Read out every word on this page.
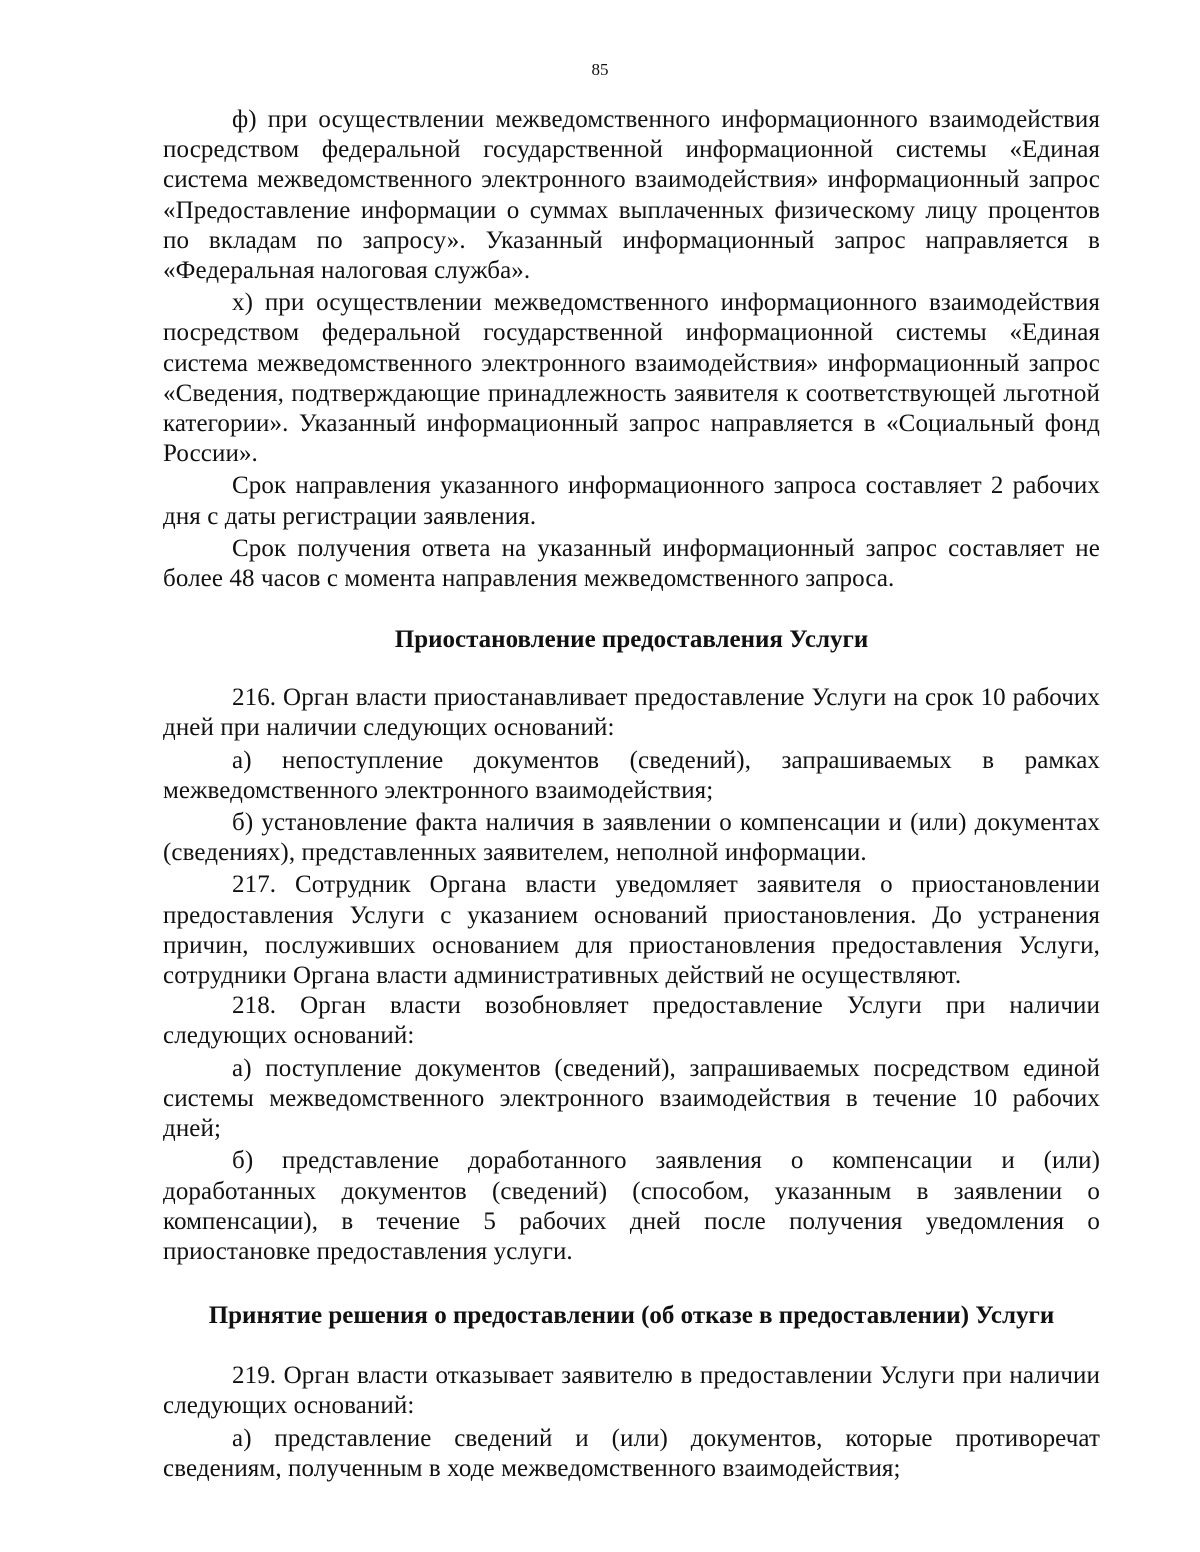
85

ф) при осуществлении межведомственного информационного взаимодействия посредством федеральной государственной информационной системы «Единая система межведомственного электронного взаимодействия» информационный запрос «Предоставление информации о суммах выплаченных физическому лицу процентов по вкладам по запросу». Указанный информационный запрос направляется в «Федеральная налоговая служба».

х) при осуществлении межведомственного информационного взаимодействия посредством федеральной государственной информационной системы «Единая система межведомственного электронного взаимодействия» информационный запрос «Сведения, подтверждающие принадлежность заявителя к соответствующей льготной категории». Указанный информационный запрос направляется в «Социальный фонд России».

Срок направления указанного информационного запроса составляет 2 рабочих дня с даты регистрации заявления.

Срок получения ответа на указанный информационный запрос составляет не более 48 часов с момента направления межведомственного запроса.

Приостановление предоставления Услуги

216. Орган власти приостанавливает предоставление Услуги на срок 10 рабочих дней при наличии следующих оснований:

а) непоступление документов (сведений), запрашиваемых в рамках межведомственного электронного взаимодействия;

б) установление факта наличия в заявлении о компенсации и (или) документах (сведениях), представленных заявителем, неполной информации.

217. Сотрудник Органа власти уведомляет заявителя о приостановлении предоставления Услуги с указанием оснований приостановления. До устранения причин, послуживших основанием для приостановления предоставления Услуги, сотрудники Органа власти административных действий не осуществляют.

218. Орган власти возобновляет предоставление Услуги при наличии следующих оснований:

а) поступление документов (сведений), запрашиваемых посредством единой системы межведомственного электронного взаимодействия в течение 10 рабочих дней;

б) представление доработанного заявления о компенсации и (или) доработанных документов (сведений) (способом, указанным в заявлении о компенсации), в течение 5 рабочих дней после получения уведомления о приостановке предоставления услуги.

Принятие решения о предоставлении (об отказе в предоставлении) Услуги

219. Орган власти отказывает заявителю в предоставлении Услуги при наличии следующих оснований:

а) представление сведений и (или) документов, которые противоречат сведениям, полученным в ходе межведомственного взаимодействия;
